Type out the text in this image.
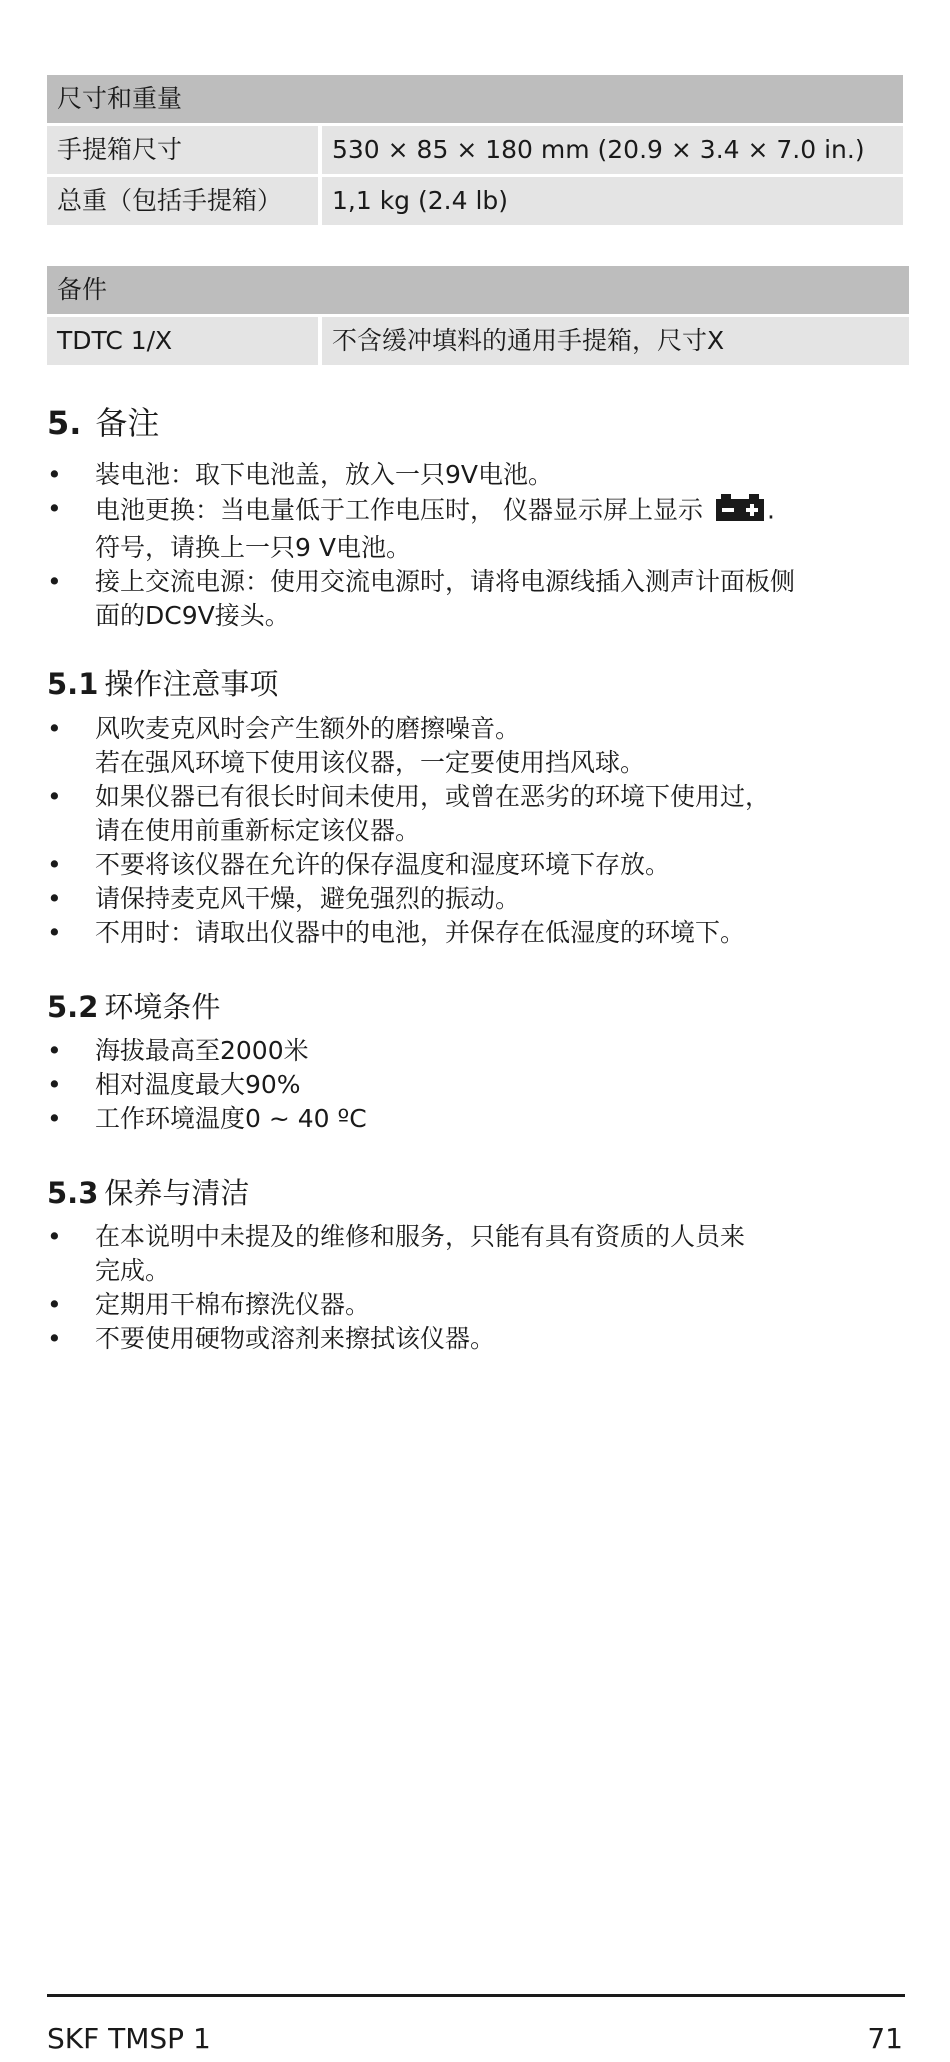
尺寸和重量
手提箱尺寸	530 × 85 × 180 mm (20.9 × 3.4 × 7.0 in.)
总重（包括手提箱）	1,1 kg (2.4 lb)
备件
TDTC 1/X	不含缓冲填料的通用手提箱，尺寸X
5. 备注
• 装电池：取下电池盖，放入一只9V电池。
• 电池更换：当电量低于工作电压时， 仪器显示屏上显示	.
符号，请换上一只9 V电池。
• 接上交流电源：使用交流电源时，请将电源线插入测声计面板侧
面的DC9V接头。
5.1 操作注意事项
• 风吹麦克风时会产生额外的磨擦噪音。
若在强风环境下使用该仪器，一定要使用挡风球。
• 如果仪器已有很长时间未使用，或曾在恶劣的环境下使用过，
请在使用前重新标定该仪器。
• 不要将该仪器在允许的保存温度和湿度环境下存放。
• 请保持麦克风干燥，避免强烈的振动。
• 不用时：请取出仪器中的电池，并保存在低湿度的环境下。
5.2 环境条件
• 海拔最高至2000米
• 相对温度最大90%
• 工作环境温度0 ~ 40 ºC
5.3 保养与清洁
• 在本说明中未提及的维修和服务，只能有具有资质的人员来
完成。
• 定期用干棉布擦洗仪器。
• 不要使用硬物或溶剂来擦拭该仪器。
SKF TMSP 1	71
